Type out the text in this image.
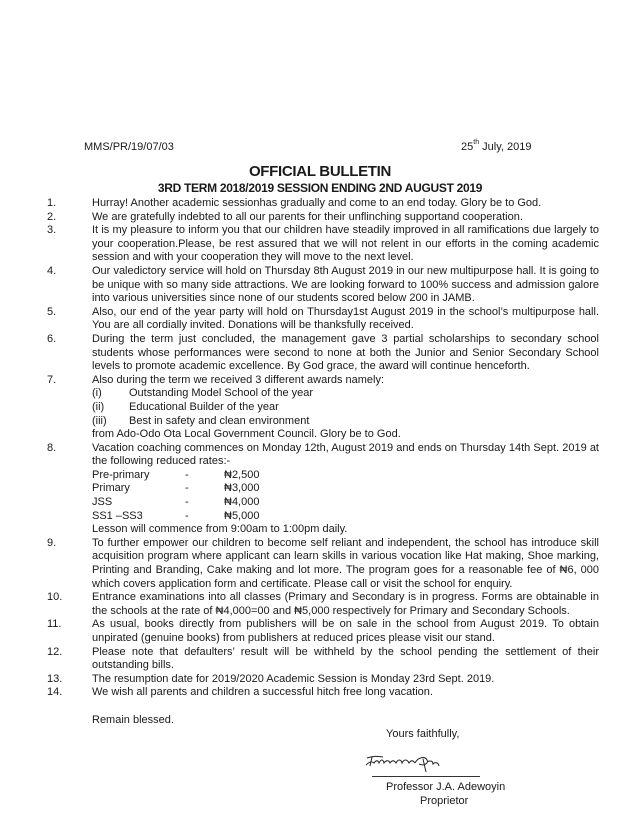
MMS/PR/19/07/03	25th July, 2019
OFFICIAL BULLETIN
3RD TERM 2018/2019 SESSION ENDING 2ND AUGUST 2019
1.	Hurray! Another academic sessionhas gradually and come to an end today. Glory be to God.
2.	We are gratefully indebted to all our parents for their unflinching supportand cooperation.
3.	It is my pleasure to inform you that our children have steadily improved in all ramifications due largely to your cooperation.Please, be rest assured that we will not relent in our efforts in the coming academic session and with your cooperation they will move to the next level.
4.	Our valedictory service will hold on Thursday 8th August 2019 in our new multipurpose hall. It is going to be unique with so many side attractions. We are looking forward to 100% success and admission galore into various universities since none of our students scored below 200 in JAMB.
5.	Also, our end of the year party will hold on Thursday1st August 2019 in the school’s multipurpose hall. You are all cordially invited. Donations will be thanksfully received.
6.	During the term just concluded, the management gave 3 partial scholarships to secondary school students whose performances were second to none at both the Junior and Senior Secondary School levels to promote academic excellence. By God grace, the award will continue henceforth.
7.	Also during the term we received 3 different awards namely:
(i) Outstanding Model School of the year
(ii) Educational Builder of the year
(iii) Best in safety and clean environment
from Ado-Odo Ota Local Government Council. Glory be to God.
8.	Vacation coaching commences on Monday 12th, August 2019 and ends on Thursday 14th Sept. 2019 at the following reduced rates:-
Pre-primary	-	₦2,500
Primary	-	₦3,000
JSS	-	₦4,000
SS1 –SS3	-	₦5,000
Lesson will commence from 9:00am to 1:00pm daily.
9.	To further empower our children to become self reliant and independent, the school has introduce skill acquisition program where applicant can learn skills in various vocation like Hat making, Shoe marking, Printing and Branding, Cake making and lot more. The program goes for a reasonable fee of ₦6, 000 which covers application form and certificate. Please call or visit the school for enquiry.
10.	Entrance examinations into all classes (Primary and Secondary is in progress. Forms are obtainable in the schools at the rate of ₦4,000=00 and ₦5,000 respectively for Primary and Secondary Schools.
11.	As usual, books directly from publishers will be on sale in the school from August 2019. To obtain unpirated (genuine books) from publishers at reduced prices please visit our stand.
12.	Please note that defaulters’ result will be withheld by the school pending the settlement of their outstanding bills.
13.	The resumption date for 2019/2020 Academic Session is Monday 23rd Sept. 2019.
14.	We wish all parents and children a successful hitch free long vacation.
Remain blessed.
Yours faithfully,
Professor J.A. Adewoyin
Proprietor
